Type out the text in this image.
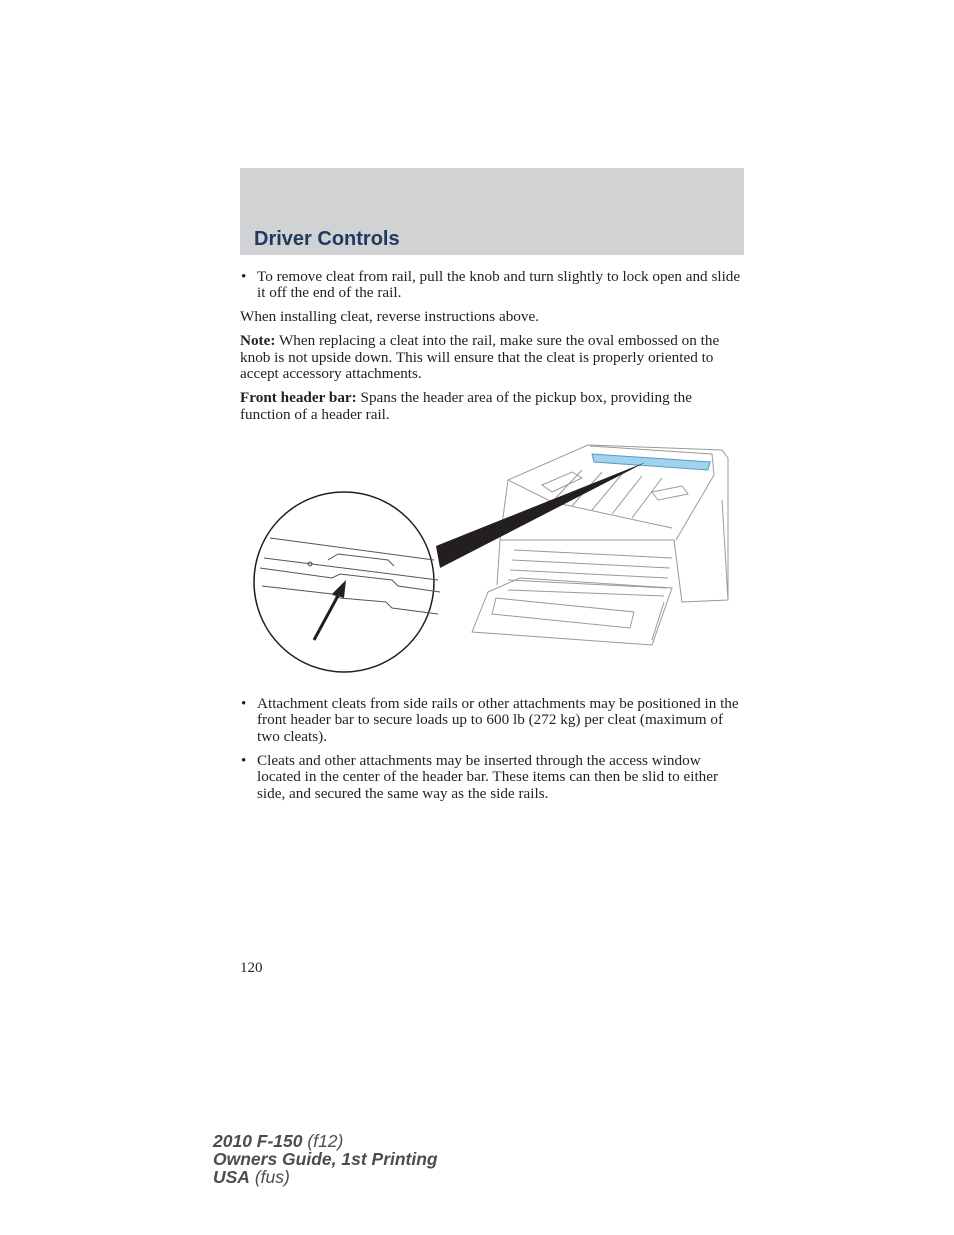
Driver Controls
• To remove cleat from rail, pull the knob and turn slightly to lock open and slide it off the end of the rail.

When installing cleat, reverse instructions above.

Note: When replacing a cleat into the rail, make sure the oval embossed on the knob is not upside down. This will ensure that the cleat is properly oriented to accept accessory attachments.

Front header bar: Spans the header area of the pickup box, providing the function of a header rail.

• Attachment cleats from side rails or other attachments may be positioned in the front header bar to secure loads up to 600 lb (272 kg) per cleat (maximum of two cleats).
• Cleats and other attachments may be inserted through the access window located in the center of the header bar. These items can then be slid to either side, and secured the same way as the side rails.
120
2010 F-150 (f12)
Owners Guide, 1st Printing
USA (fus)
